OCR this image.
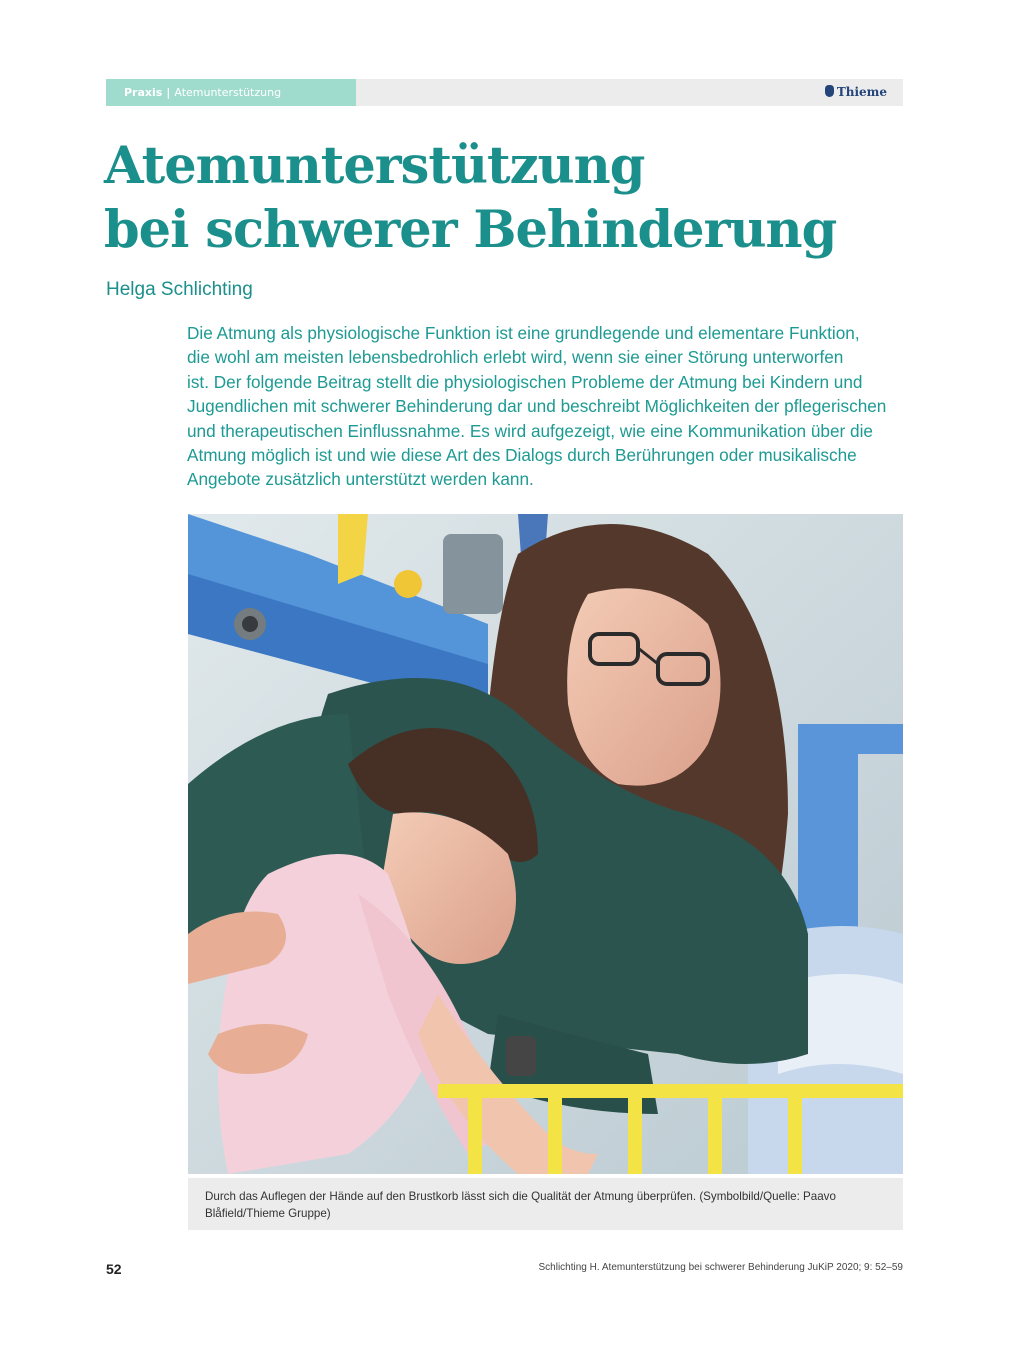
Praxis | Atemunterstützung	Thieme
Atemunterstützung
bei schwerer Behinderung
Helga Schlichting
Die Atmung als physiologische Funktion ist eine grundlegende und elementare Funktion,
die wohl am meisten lebensbedrohlich erlebt wird, wenn sie einer Störung unterworfen
ist. Der folgende Beitrag stellt die physiologischen Probleme der Atmung bei Kindern und
Jugendlichen mit schwerer Behinderung dar und beschreibt Möglichkeiten der pflegerischen
und therapeutischen Einflussnahme. Es wird aufgezeigt, wie eine Kommunikation über die
Atmung möglich ist und wie diese Art des Dialogs durch Berührungen oder musikalische
Angebote zusätzlich unterstützt werden kann.
Durch das Auflegen der Hände auf den Brustkorb lässt sich die Qualität der Atmung überprüfen. (Symbolbild/Quelle: Paavo
Blåfield/Thieme Gruppe)
52	Schlichting H. Atemunterstützung bei schwerer Behinderung JuKiP 2020; 9: 52–59
